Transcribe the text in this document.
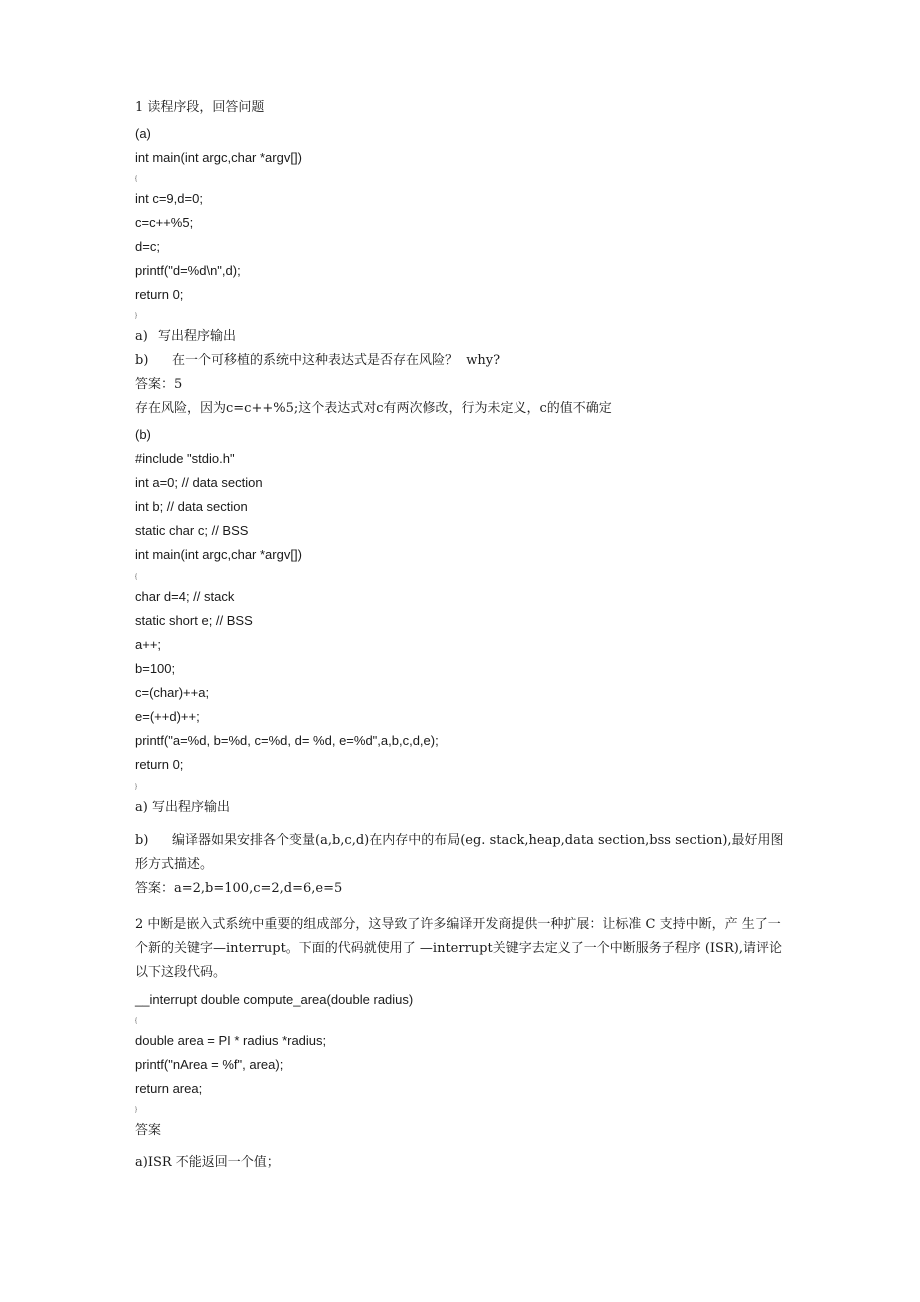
1 读程序段，回答问题

(a)

int main(int argc,char *argv[])

{

int c=9,d=0;

c=c++%5;

d=c;

printf("d=%d\n",d);

return 0;

}

a) 写出程序输出

b) 在一个可移植的系统中这种表达式是否存在风险？  why?

答案：5

存在风险，因为c=c++%5;这个表达式对c有两次修改，行为未定义，c的值不确定

(b)

#include "stdio.h"

int a=0; // data section

int b; // data section

static char c; // BSS

int main(int argc,char *argv[])

{

char d=4; // stack

static short e; // BSS

a++;

b=100;

c=(char)++a;

e=(++d)++;

printf("a=%d, b=%d, c=%d, d= %d, e=%d",a,b,c,d,e);

return 0;

}

a) 写出程序输出

b) 编译器如果安排各个变量(a,b,c,d)在内存中的布局(eg. stack,heap,data section,bss section),最好用图 形方式描述。

答案：a=2,b=100,c=2,d=6,e=5

2 中断是嵌入式系统中重要的组成部分，这导致了许多编译开发商提供一种扩展：让标准 C 支持中断，产 生了一个新的关键字—interrupt。下面的代码就使用了 —interrupt关键字去定义了一个中断服务子程序 (ISR),请评论以下这段代码。

__interrupt double compute_area(double radius)

{

double area = PI * radius *radius;

printf("nArea = %f", area);

return area;

}

答案

a)ISR 不能返回一个值；
